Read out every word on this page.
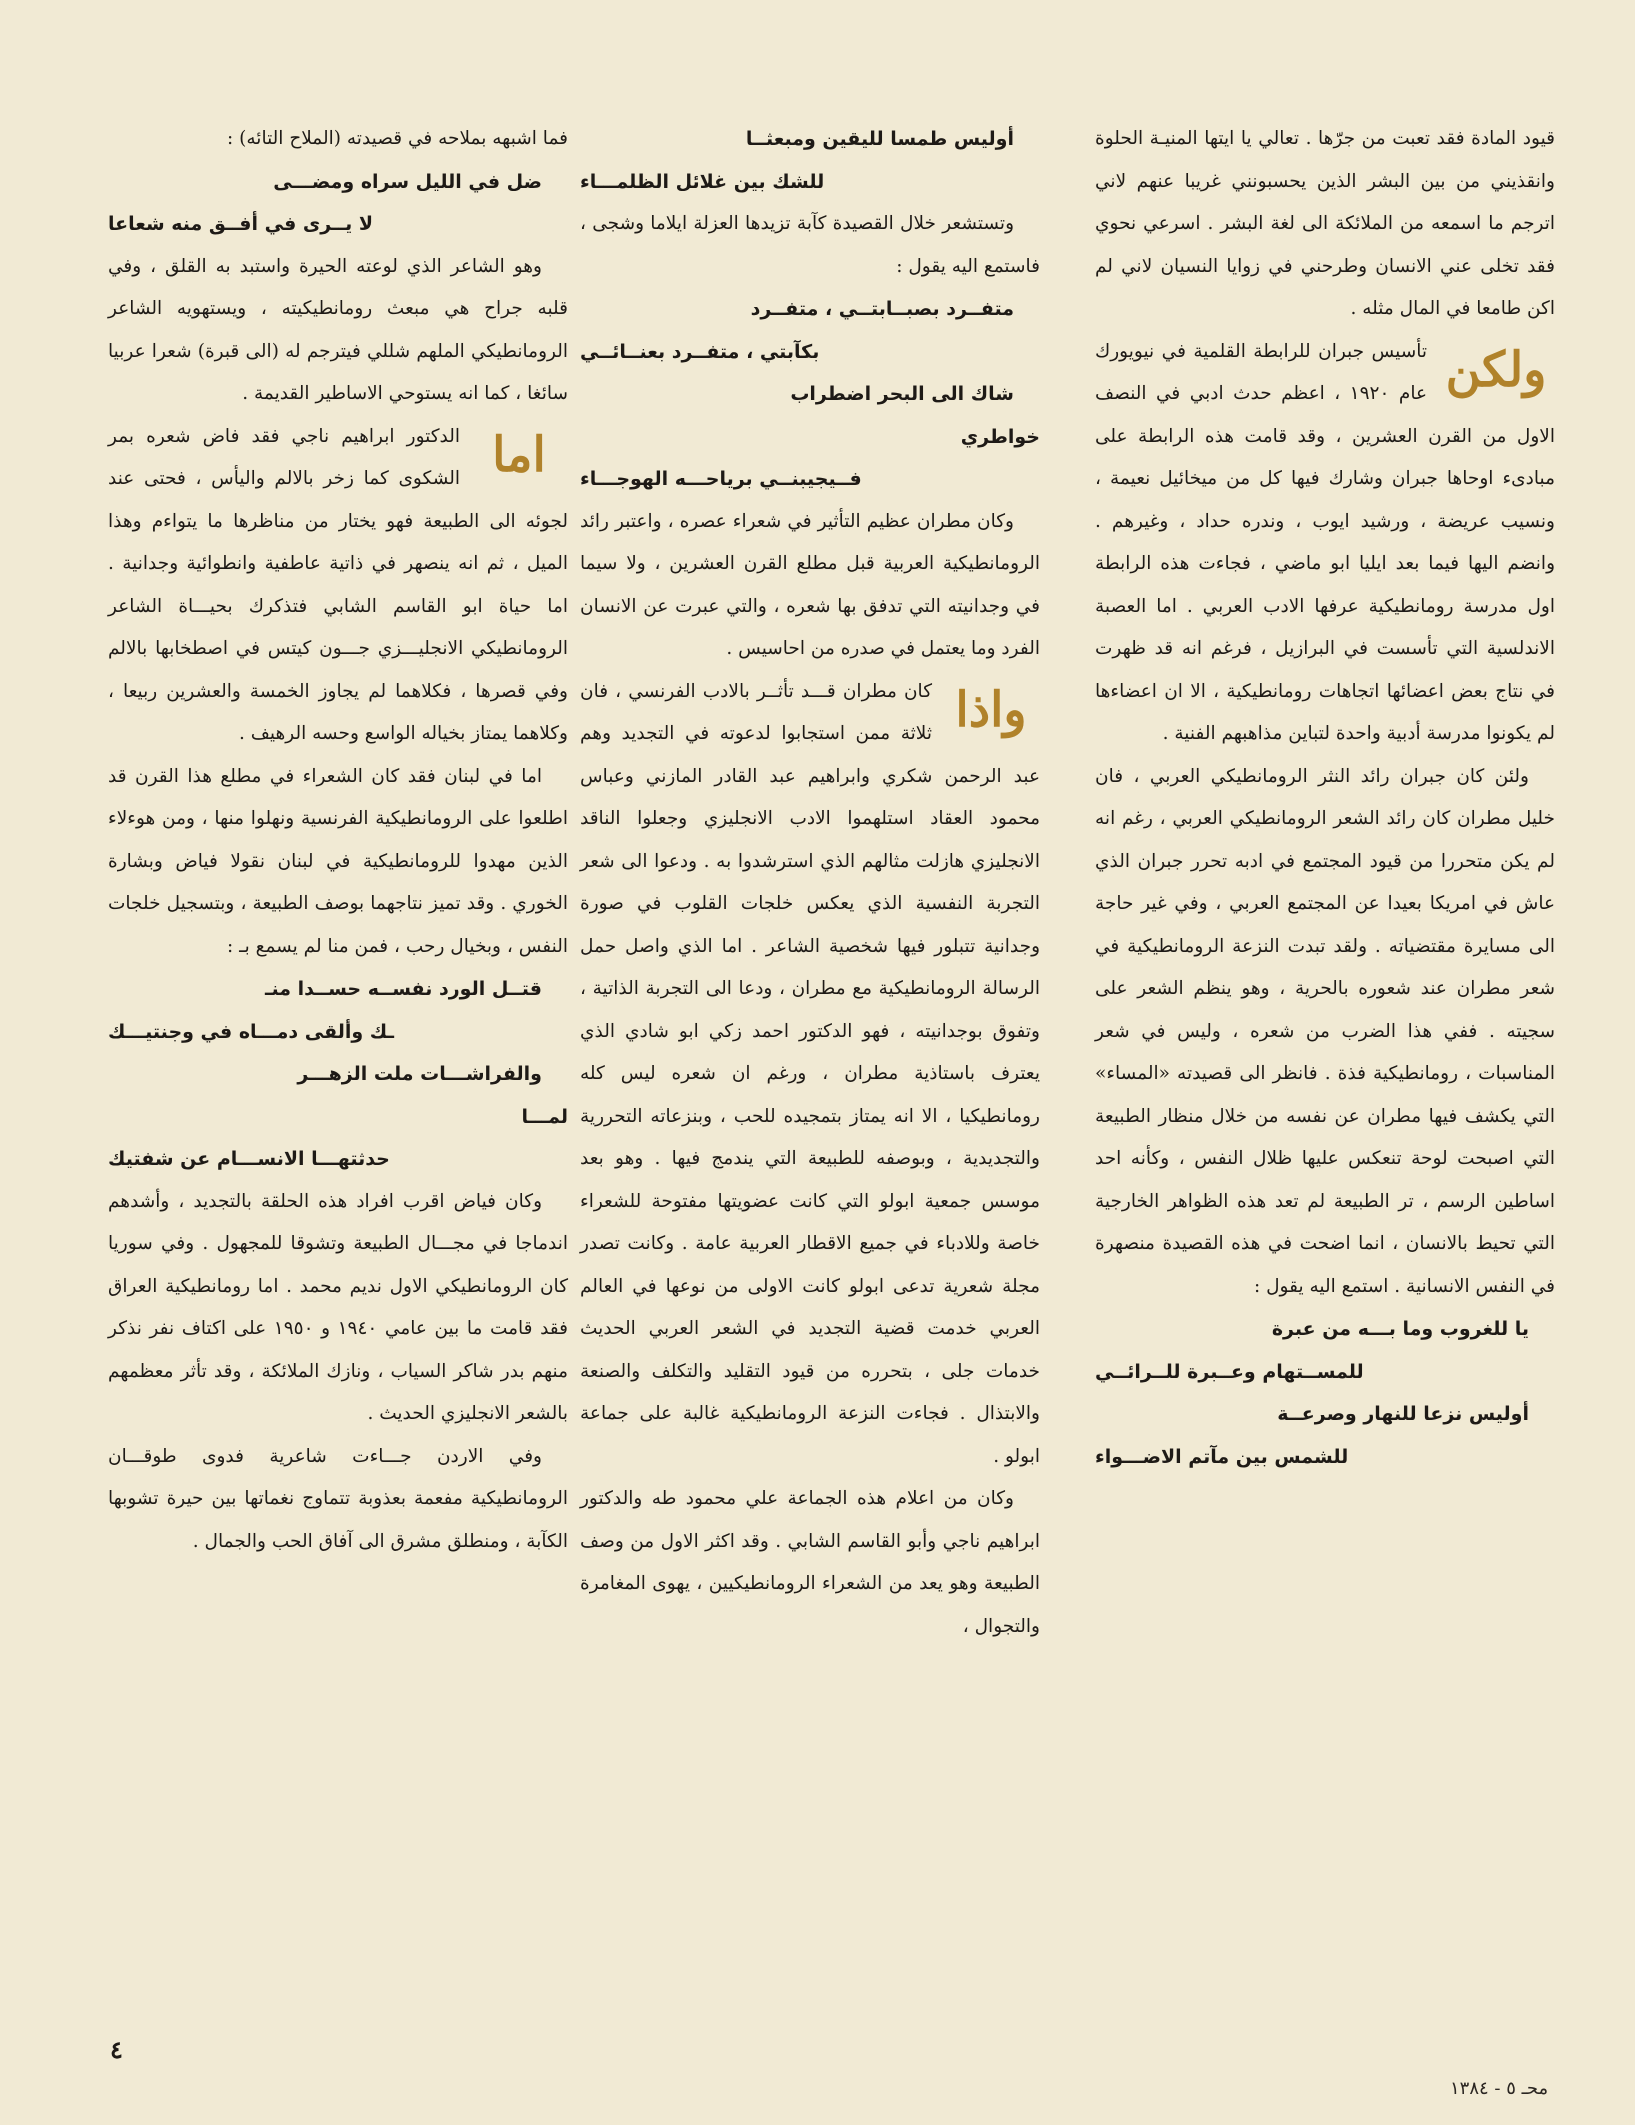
قيود المادة فقد تعبت من جرّها . تعالي يا ايتها المنيـة الحلوة وانقذيني من بين البشر الذين يحسبونني غريبا عنهم لاني اترجم ما اسمعه من الملائكة الى لغة البشر . اسرعي نحوي فقد تخلى عني الانسان وطرحني في زوايا النسيان لاني لم اكن طامعا في المال مثله .

ولكن
تأسيس جبران للرابطة القلمية في نيويورك عام ١٩٢٠ ، اعظم حدث ادبي في النصف الاول من القرن العشرين ، وقد قامت هذه الرابطة على مبادىء اوحاها جبران وشارك فيها كل من ميخائيل نعيمة ، ونسيب عريضة ، ورشيد ايوب ، وندره حداد ، وغيرهم . وانضم اليها فيما بعد ايليا ابو ماضي ، فجاءت هذه الرابطة اول مدرسة رومانطيكية عرفها الادب العربي . اما العصبة الاندلسية التي تأسست في البرازيل ، فرغم انه قد ظهرت في نتاج بعض اعضائها اتجاهات رومانطيكية ، الا ان اعضاءها لم يكونوا مدرسة أدبية واحدة لتباين مذاهبهم الفنية .

ولئن كان جبران رائد النثر الرومانطيكي العربي ، فان خليل مطران كان رائد الشعر الرومانطيكي العربي ، رغم انه لم يكن متحررا من قيود المجتمع في ادبه تحرر جبران الذي عاش في امريكا بعيدا عن المجتمع العربي ، وفي غير حاجة الى مسايرة مقتضياته . ولقد تبدت النزعة الرومانطيكية في شعر مطران عند شعوره بالحرية ، وهو ينظم الشعر على سجيته . ففي هذا الضرب من شعره ، وليس في شعر المناسبات ، رومانطيكية فذة . فانظر الى قصيدته «المساء» التي يكشف فيها مطران عن نفسه من خلال منظار الطبيعة التي اصبحت لوحة تنعكس عليها ظلال النفس ، وكأنه احد اساطين الرسم ، تر الطبيعة لم تعد هذه الظواهر الخارجية التي تحيط بالانسان ، انما اضحت في هذه القصيدة منصهرة في النفس الانسانية . استمع اليه يقول :

يا للغروب وما بـــه من عبرة

للمســتهام وعــبرة للــرائــي

أوليس نزعا للنهار وصرعــة

للشمس بين مآتم الاضـــواء

أوليس طمسا لليقين ومبعثــا

للشك بين غلائل الظلمـــاء

وتستشعر خلال القصيدة كآبة تزيدها العزلة ايلاما وشجى ، فاستمع اليه يقول :

متفــرد بصبــابتــي ، متفــرد

بكآبتي ، متفــرد بعنــائــي

شاك الى البحر اضطراب خواطري

فــيجيبنــي برياحـــه الهوجـــاء

وكان مطران عظيم التأثير في شعراء عصره ، واعتبر رائد الرومانطيكية العربية قبل مطلع القرن العشرين ، ولا سيما في وجدانيته التي تدفق بها شعره ، والتي عبرت عن الانسان الفرد وما يعتمل في صدره من احاسيس .

واذا
كان مطران قـــد تأثــر بالادب الفرنسي ، فان ثلاثة ممن استجابوا لدعوته في التجديد وهم عبد الرحمن شكري وابراهيم عبد القادر المازني وعباس محمود العقاد استلهموا الادب الانجليزي وجعلوا الناقد الانجليزي هازلت مثالهم الذي استرشدوا به . ودعوا الى شعر التجربة النفسية الذي يعكس خلجات القلوب في صورة وجدانية تتبلور فيها شخصية الشاعر . اما الذي واصل حمل الرسالة الرومانطيكية مع مطران ، ودعا الى التجربة الذاتية ، وتفوق بوجدانيته ، فهو الدكتور احمد زكي ابو شادي الذي يعترف باستاذية مطران ، ورغم ان شعره ليس كله رومانطيكيا ، الا انه يمتاز بتمجيده للحب ، وبنزعاته التحررية والتجديدية ، وبوصفه للطبيعة التي يندمج فيها . وهو بعد موسس جمعية ابولو التي كانت عضويتها مفتوحة للشعراء خاصة وللادباء في جميع الاقطار العربية عامة . وكانت تصدر مجلة شعرية تدعى ابولو كانت الاولى من نوعها في العالم العربي خدمت قضية التجديد في الشعر العربي الحديث خدمات جلى ، بتحرره من قيود التقليد والتكلف والصنعة والابتذال . فجاءت النزعة الرومانطيكية غالبة على جماعة ابولو .

وكان من اعلام هذه الجماعة علي محمود طه والدكتور ابراهيم ناجي وأبو القاسم الشابي . وقد اكثر الاول من وصف الطبيعة وهو يعد من الشعراء الرومانطيكيين ، يهوى المغامرة والتجوال ،

فما اشبهه بملاحه في قصيدته (الملاح التائه) :

ضل في الليل سراه ومضـــى

لا يــرى في أفــق منه شعاعا

وهو الشاعر الذي لوعته الحيرة واستبد به القلق ، وفي قلبه جراح هي مبعث رومانطيكيته ، ويستهويه الشاعر الرومانطيكي الملهم شللي فيترجم له (الى قبرة) شعرا عربيا سائغا ، كما انه يستوحي الاساطير القديمة .

اما
الدكتور ابراهيم ناجي فقد فاض شعره بمر الشكوى كما زخر بالالم واليأس ، فحتى عند لجوئه الى الطبيعة فهو يختار من مناظرها ما يتواءم وهذا الميل ، ثم انه ينصهر في ذاتية عاطفية وانطوائية وجدانية . اما حياة ابو القاسم الشابي فتذكرك بحيـــاة الشاعر الرومانطيكي الانجليـــزي جـــون كيتس في اصطخابها بالالم وفي قصرها ، فكلاهما لم يجاوز الخمسة والعشرين ربيعا ، وكلاهما يمتاز بخياله الواسع وحسه الرهيف .

اما في لبنان فقد كان الشعراء في مطلع هذا القرن قد اطلعوا على الرومانطيكية الفرنسية ونهلوا منها ، ومن هوءلاء الذين مهدوا للرومانطيكية في لبنان نقولا فياض وبشارة الخوري . وقد تميز نتاجهما بوصف الطبيعة ، وبتسجيل خلجات النفس ، وبخيال رحب ، فمن منا لم يسمع بـ :

قتــل الورد نفســه حســدا منـ

ـك وألقى دمـــاه في وجنتيـــك

والفراشـــات ملت الزهـــر لمـــا

حدثتهـــا الانســـام عن شفتيك

وكان فياض اقرب افراد هذه الحلقة بالتجديد ، وأشدهم اندماجا في مجـــال الطبيعة وتشوقا للمجهول . وفي سوريا كان الرومانطيكي الاول نديم محمد . اما رومانطيكية العراق فقد قامت ما بين عامي ١٩٤٠ و ١٩٥٠ على اكتاف نفر نذكر منهم بدر شاكر السياب ، ونازك الملائكة ، وقد تأثر معظمهم بالشعر الانجليزي الحديث .

وفي الاردن جـــاءت شاعرية فدوى طوقـــان الرومانطيكية مفعمة بعذوبة تتماوج نغماتها بين حيرة تشوبها الكآبة ، ومنطلق مشرق الى آفاق الحب والجمال .

٤
محـ ٥ - ١٣٨٤
